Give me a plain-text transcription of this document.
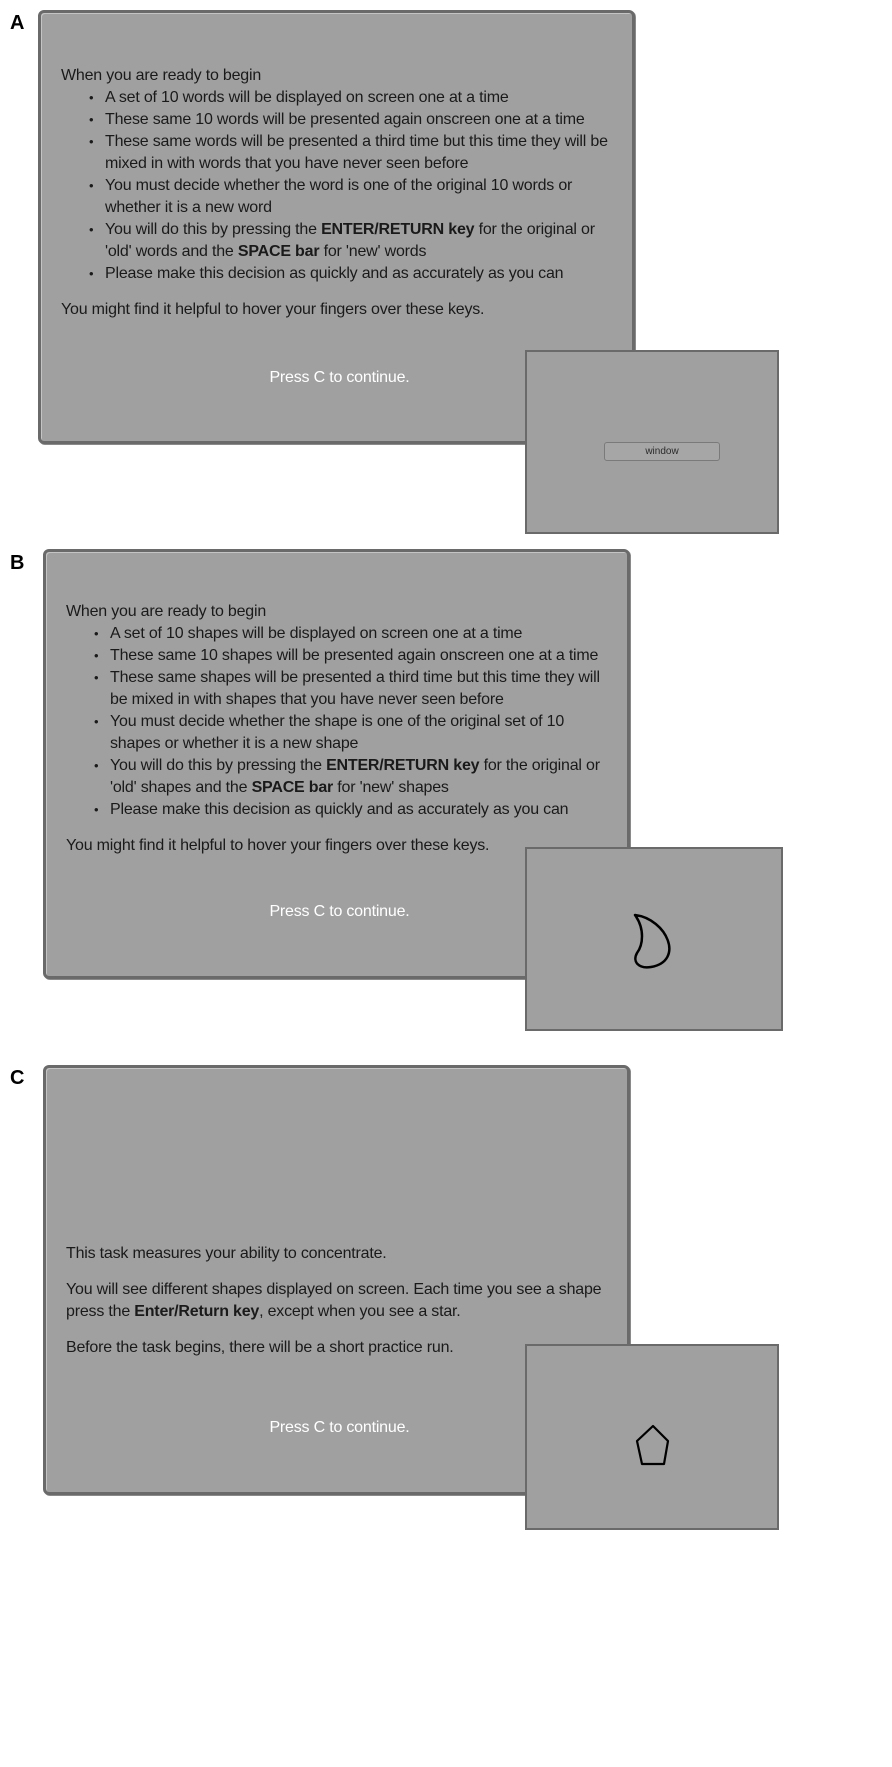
A

When you are ready to begin

• A set of 10 words will be displayed on screen one at a time
• These same 10 words will be presented again onscreen one at a time
• These same words will be presented a third time but this time they will be mixed in with words that you have never seen before
• You must decide whether the word is one of the original 10 words or whether it is a new word
• You will do this by pressing the ENTER/RETURN key for the original or 'old' words and the SPACE bar for 'new' words
• Please make this decision as quickly and as accurately as you can

You might find it helpful to hover your fingers over these keys.

Press C to continue.
window
B

When you are ready to begin

• A set of 10 shapes will be displayed on screen one at a time
• These same 10 shapes will be presented again onscreen one at a time
• These same shapes will be presented a third time but this time they will be mixed in with shapes that you have never seen before
• You must decide whether the shape is one of the original set of 10 shapes or whether it is a new shape
• You will do this by pressing the ENTER/RETURN key for the original or 'old' shapes and the SPACE bar for 'new' shapes
• Please make this decision as quickly and as accurately as you can

You might find it helpful to hover your fingers over these keys.

Press C to continue.
C

This task measures your ability to concentrate.

You will see different shapes displayed on screen. Each time you see a shape press the Enter/Return key, except when you see a star.

Before the task begins, there will be a short practice run.

Press C to continue.
